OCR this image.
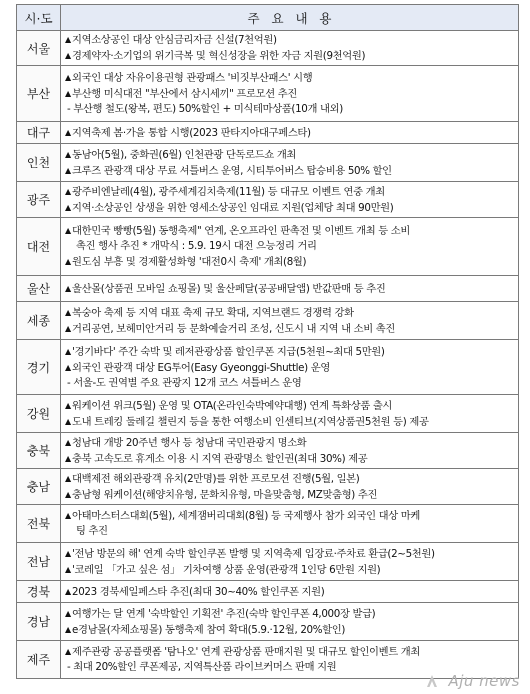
시·도	주요내용
서울	▲지역소상공인 대상 안심금리자금 신설(7천억원)
▲경제약자·소기업의 위기극복 및 혁신성장을 위한 자금 지원(9천억원)

부산	▲외국인 대상 자유이용권형 관광패스 '비짓부산패스' 시행
▲부산행 미식대전 "부산에서 삼시세끼" 프로모션 추진
- 부산행 철도(왕복, 편도) 50%할인 + 미식테마상품(10개 내외)

대구	▲지역축제 봄·가을 통합 시행(2023 판타지아대구페스타)

인천	▲동남아(5월), 중화권(6월) 인천관광 단독로드쇼 개최
▲크루즈 관광객 대상 무료 셔틀버스 운영, 시티투어버스 탑승비용 50% 할인

광주	▲광주비엔날레(4월), 광주세계김치축제(11월) 등 대규모 이벤트 연중 개최
▲지역·소상공인 상생을 위한 영세소상공인 임대료 지원(업체당 최대 90만원)

대전	▲대한민국 빵빵(5월) 동행축제" 연계, 온오프라인 판촉전 및 이벤트 개최 등 소비
촉진 행사 추진 * 개막식 : 5.9. 19시 대전 으능정리 거리
▲원도심 부흥 및 경제활성화형 '대전0시 축제' 개최(8월)

울산	▲울산몰(상품권 모바일 쇼핑몰) 및 울산페달(공공배달앱) 반값판매 등 추진

세종	▲복숭아 축제 등 지역 대표 축제 규모 확대, 지역브랜드 경쟁력 강화
▲거리공연, 보헤미안거리 등 문화예술거리 조성, 신도시 내 지역 내 소비 촉진

경기	▲'경기바다' 주간 숙박 및 레저관광상품 할인쿠폰 지급(5천원~최대 5만원)
▲외국인 관광객 대상 EG투어(Easy Gyeonggi-Shuttle) 운영
- 서울-도 권역별 주요 관광지 12개 코스 셔틀버스 운영

강원	▲워케이션 위크(5월) 운영 및 OTA(온라인숙박예약대행) 연계 특화상품 출시
▲도내 트레킹 둘레길 챌린지 등을 통한 여행소비 인센티브(지역상품권5천원 등) 제공

충북	▲청남대 개방 20주년 행사 등 청남대 국민관광지 명소화
▲충북 고속도로 휴게소 이용 시 지역 관광명소 할인권(최대 30%) 제공

충남	▲대백제전 해외관광객 유치(2만명)를 위한 프로모션 진행(5월, 일본)
▲충남형 워케이션(해양치유형, 문화치유형, 마을맞춤형, MZ맞춤형) 추진

전북	▲아태마스터스대회(5월), 세계잼버리대회(8월) 등 국제행사 참가 외국인 대상 마케
팅 추진

전남	▲'전남 방문의 해' 연계 숙박 할인쿠폰 발행 및 지역축제 입장료·주차료 환급(2~5천원)
▲'코레일 「가고 싶은 섬」 기차여행 상품 운영(관광객 1인당 6만원 지원)

경북	▲2023 경북세일페스타 추진(최대 30~40% 할인쿠폰 지원)

경남	▲여행가는 달 연계 '숙박할인 기획전' 추진(숙박 할인쿠폰 4,000장 발급)
▲e경남몰(자체쇼핑몰) 동행축제 참여 확대(5.9.·12월, 20%할인)

제주	▲제주관광 공공플랫폼 '탐나오' 연계 관광상품 판매지원 및 대규모 할인이벤트 개최
- 최대 20%할인 쿠폰제공, 지역특산품 라이브커머스 판매 지원
Aju news
